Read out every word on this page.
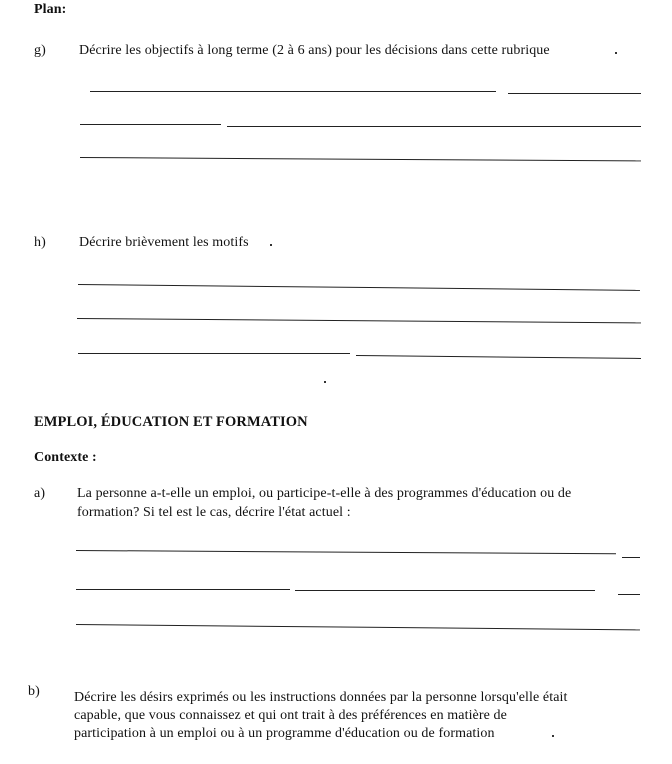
Plan:
g) Décrire les objectifs à long terme (2 à 6 ans) pour les décisions dans cette rubrique
h) Décrire brièvement les motifs
EMPLOI, ÉDUCATION ET FORMATION
Contexte :
a) La personne a-t-elle un emploi, ou participe-t-elle à des programmes d'éducation ou de
formation? Si tel est le cas, décrire l'état actuel :
b) Décrire les désirs exprimés ou les instructions données par la personne lorsqu'elle était
capable, que vous connaissez et qui ont trait à des préférences en matière de
participation à un emploi ou à un programme d'éducation ou de formation
